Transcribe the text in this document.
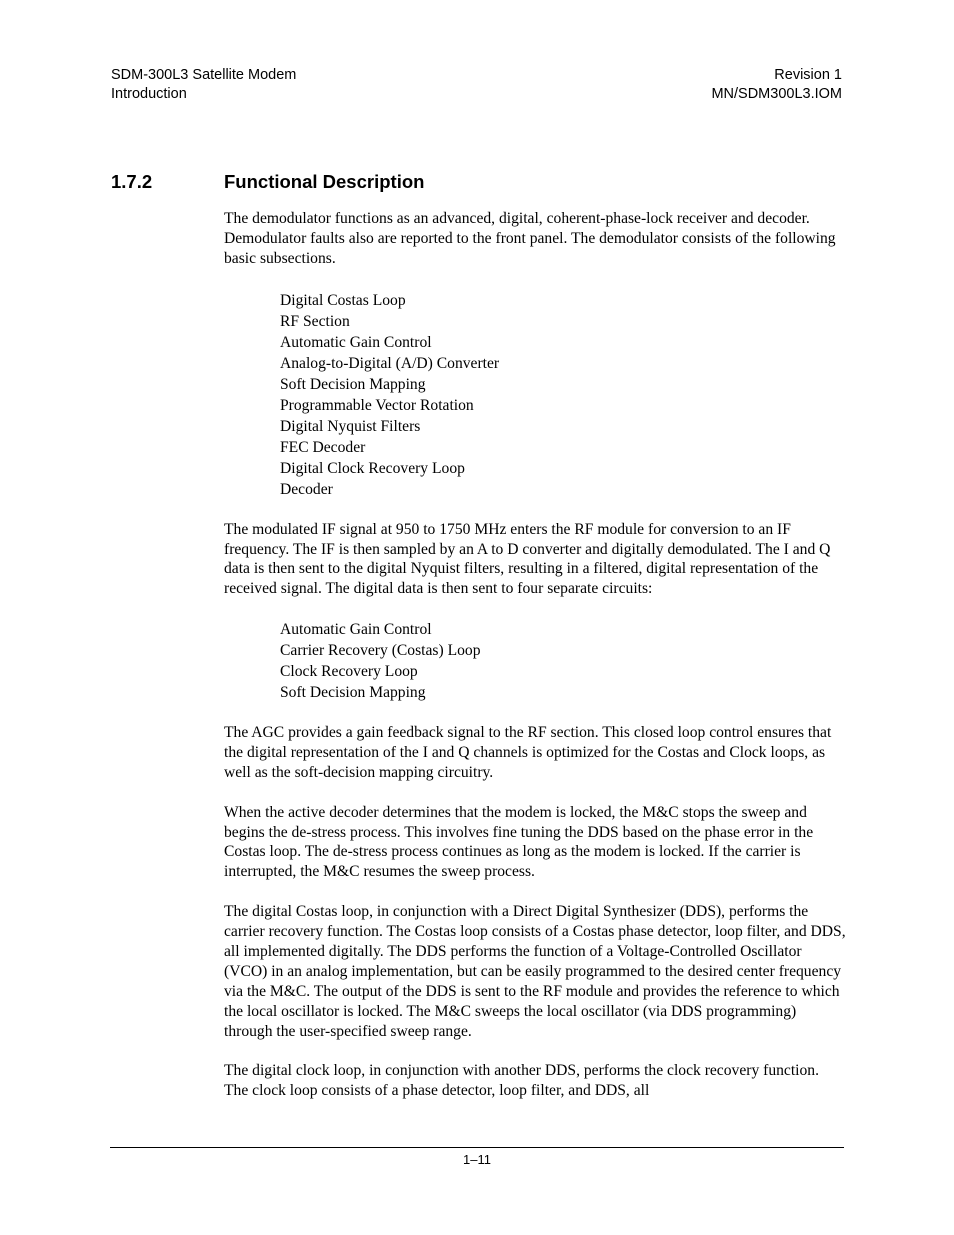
SDM-300L3 Satellite Modem
Introduction
Revision 1
MN/SDM300L3.IOM
1.7.2	Functional Description

The demodulator functions as an advanced, digital, coherent-phase-lock receiver and decoder. Demodulator faults also are reported to the front panel. The demodulator consists of the following basic subsections.

Digital Costas Loop
RF Section
Automatic Gain Control
Analog-to-Digital (A/D) Converter
Soft Decision Mapping
Programmable Vector Rotation
Digital Nyquist Filters
FEC Decoder
Digital Clock Recovery Loop
Decoder

The modulated IF signal at 950 to 1750 MHz enters the RF module for conversion to an IF frequency. The IF is then sampled by an A to D converter and digitally demodulated. The I and Q data is then sent to the digital Nyquist filters, resulting in a filtered, digital representation of the received signal. The digital data is then sent to four separate circuits:

Automatic Gain Control
Carrier Recovery (Costas) Loop
Clock Recovery Loop
Soft Decision Mapping

The AGC provides a gain feedback signal to the RF section. This closed loop control ensures that the digital representation of the I and Q channels is optimized for the Costas and Clock loops, as well as the soft-decision mapping circuitry.

When the active decoder determines that the modem is locked, the M&C stops the sweep and begins the de-stress process. This involves fine tuning the DDS based on the phase error in the Costas loop. The de-stress process continues as long as the modem is locked. If the carrier is interrupted, the M&C resumes the sweep process.

The digital Costas loop, in conjunction with a Direct Digital Synthesizer (DDS), performs the carrier recovery function. The Costas loop consists of a Costas phase detector, loop filter, and DDS, all implemented digitally. The DDS performs the function of a Voltage-Controlled Oscillator (VCO) in an analog implementation, but can be easily programmed to the desired center frequency via the M&C. The output of the DDS is sent to the RF module and provides the reference to which the local oscillator is locked. The M&C sweeps the local oscillator (via DDS programming) through the user-specified sweep range.

The digital clock loop, in conjunction with another DDS, performs the clock recovery function. The clock loop consists of a phase detector, loop filter, and DDS, all

1–11
